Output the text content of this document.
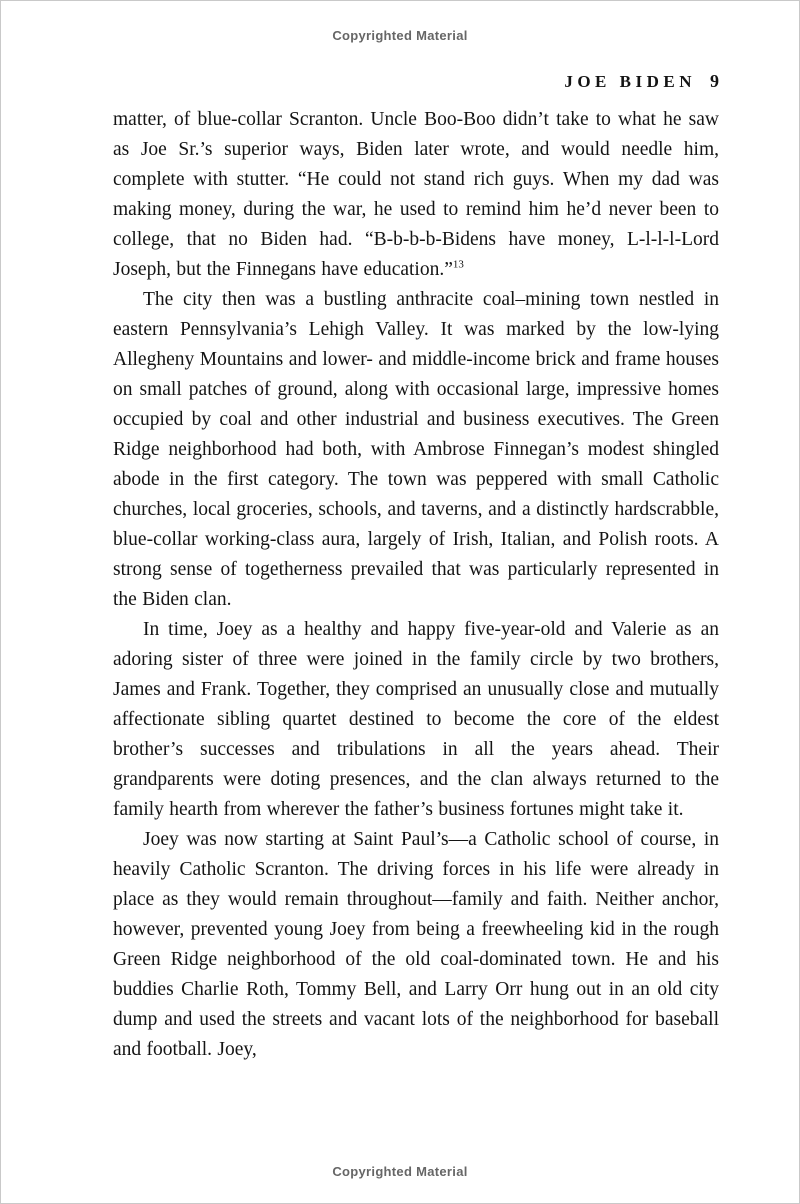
Copyrighted Material
JOE BIDEN 9

matter, of blue-collar Scranton. Uncle Boo-Boo didn’t take to what he saw as Joe Sr.’s superior ways, Biden later wrote, and would needle him, complete with stutter. “He could not stand rich guys. When my dad was making money, during the war, he used to remind him he’d never been to college, that no Biden had. “B-b-b-b-Bidens have money, L-l-l-l-Lord Joseph, but the Finnegans have education.”$^{13}$

The city then was a bustling anthracite coal–mining town nestled in eastern Pennsylvania’s Lehigh Valley. It was marked by the low-lying Allegheny Mountains and lower- and middle-income brick and frame houses on small patches of ground, along with occasional large, impressive homes occupied by coal and other industrial and business executives. The Green Ridge neighborhood had both, with Ambrose Finnegan’s modest shingled abode in the first category. The town was peppered with small Catholic churches, local groceries, schools, and taverns, and a distinctly hardscrabble, blue-collar working-class aura, largely of Irish, Italian, and Polish roots. A strong sense of togetherness prevailed that was particularly represented in the Biden clan.

In time, Joey as a healthy and happy five-year-old and Valerie as an adoring sister of three were joined in the family circle by two brothers, James and Frank. Together, they comprised an unusually close and mutually affectionate sibling quartet destined to become the core of the eldest brother’s successes and tribulations in all the years ahead. Their grandparents were doting presences, and the clan always returned to the family hearth from wherever the father’s business fortunes might take it.

Joey was now starting at Saint Paul’s—a Catholic school of course, in heavily Catholic Scranton. The driving forces in his life were already in place as they would remain throughout—family and faith. Neither anchor, however, prevented young Joey from being a freewheeling kid in the rough Green Ridge neighborhood of the old coal-dominated town. He and his buddies Charlie Roth, Tommy Bell, and Larry Orr hung out in an old city dump and used the streets and vacant lots of the neighborhood for baseball and football. Joey,

Copyrighted Material
